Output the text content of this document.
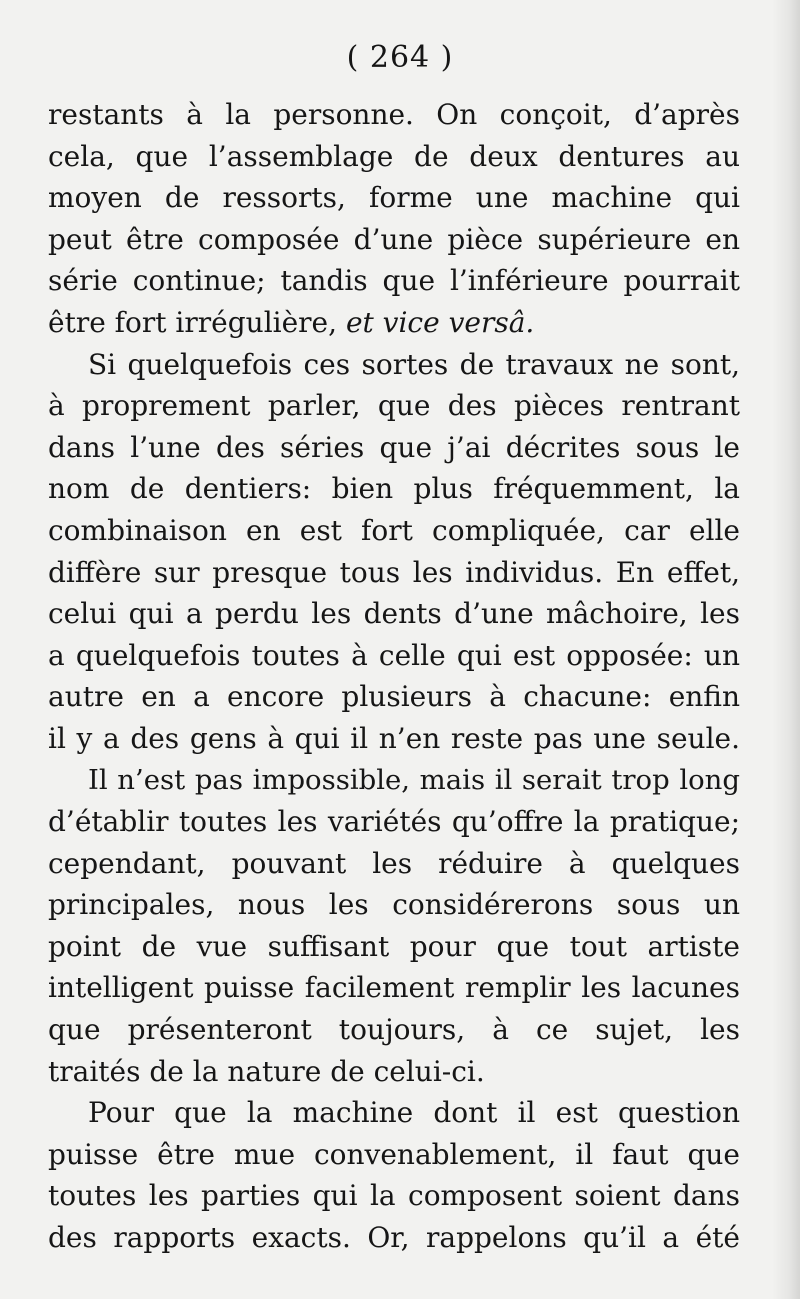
( 264 )
restants à la personne. On conçoit, d’après
cela, que l’assemblage de deux dentures au
moyen de ressorts, forme une machine qui
peut être composée d’une pièce supérieure en
série continue; tandis que l’inférieure pourrait
être fort irrégulière, et vice versâ.
Si quelquefois ces sortes de travaux ne sont,
à proprement parler, que des pièces rentrant
dans l’une des séries que j’ai décrites sous le
nom de dentiers: bien plus fréquemment, la
combinaison en est fort compliquée, car elle
diffère sur presque tous les individus. En effet,
celui qui a perdu les dents d’une mâchoire, les
a quelquefois toutes à celle qui est opposée: un
autre en a encore plusieurs à chacune: enfin
il y a des gens à qui il n’en reste pas une seule.
Il n’est pas impossible, mais il serait trop long
d’établir toutes les variétés qu’offre la pratique;
cependant, pouvant les réduire à quelques
principales, nous les considérerons sous un
point de vue suffisant pour que tout artiste
intelligent puisse facilement remplir les lacunes
que présenteront toujours, à ce sujet, les
traités de la nature de celui-ci.
Pour que la machine dont il est question
puisse être mue convenablement, il faut que
toutes les parties qui la composent soient dans
des rapports exacts. Or, rappelons qu’il a été
